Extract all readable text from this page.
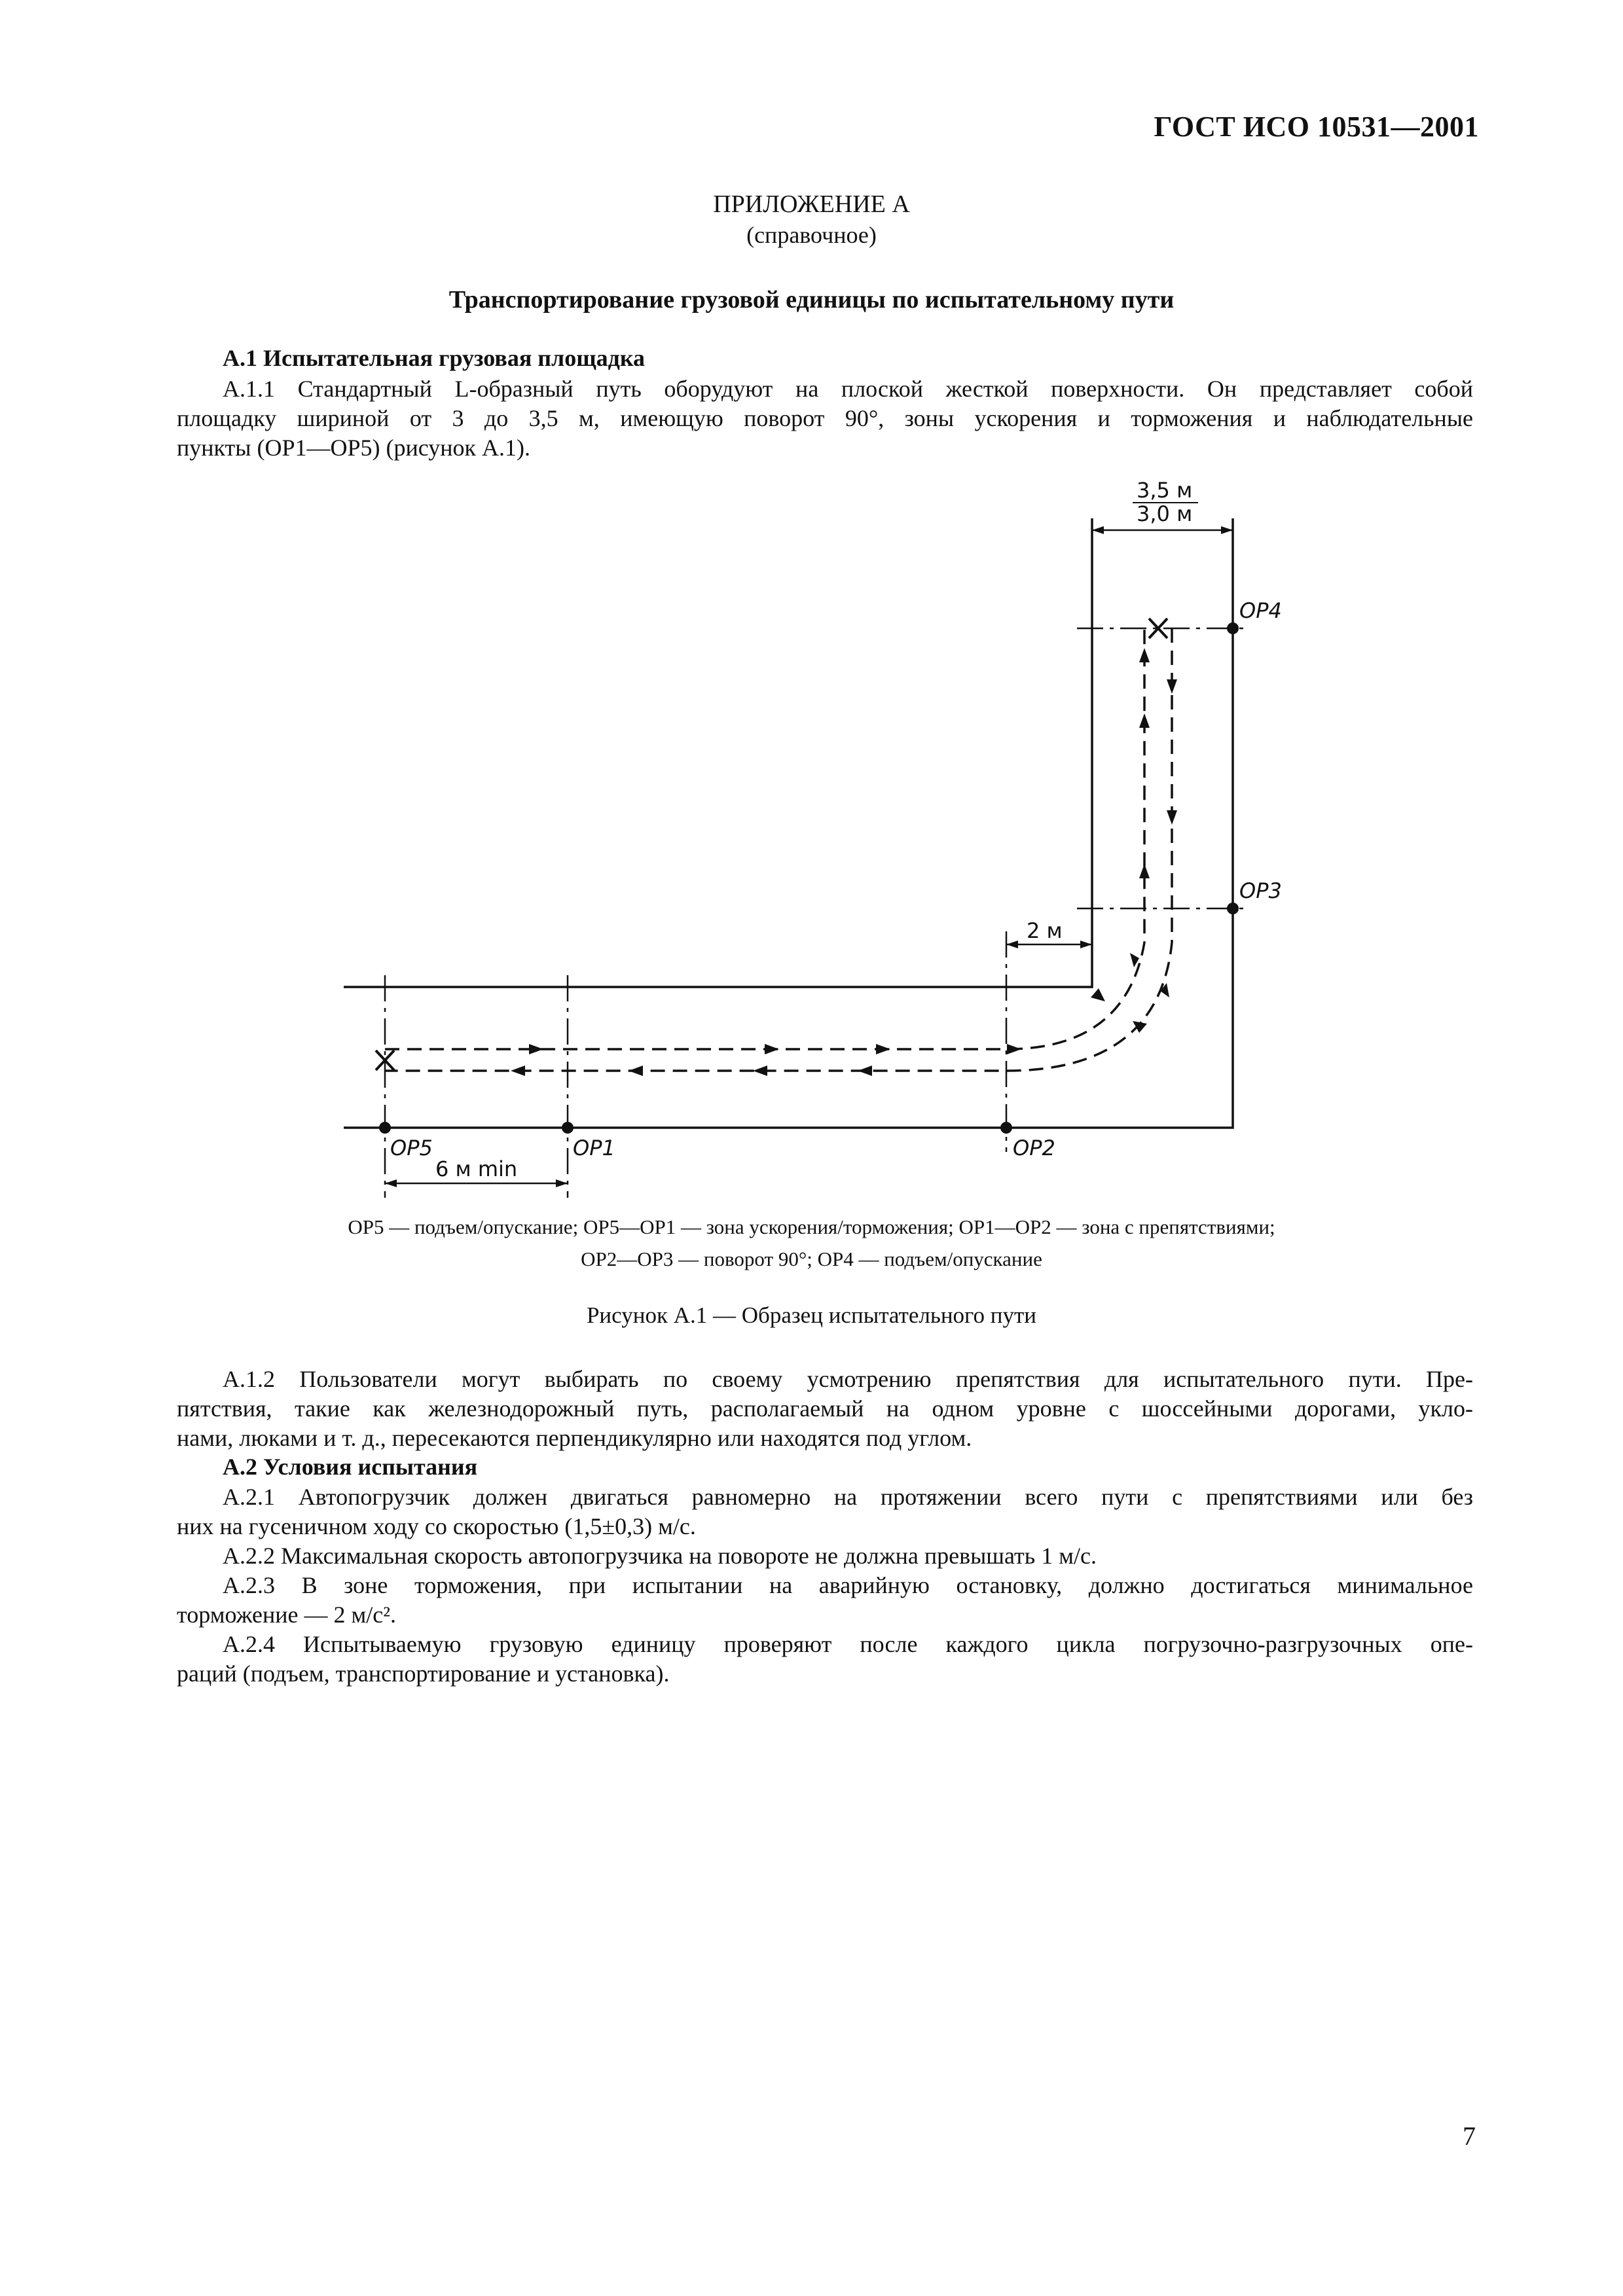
ГОСТ ИСО 10531—2001
ПРИЛОЖЕНИЕ А
(справочное)
Транспортирование грузовой единицы по испытательному пути
А.1 Испытательная грузовая площадка
А.1.1 Стандартный L-образный путь оборудуют на плоской жесткой поверхности. Он представляет собой
площадку шириной от 3 до 3,5 м, имеющую поворот 90°, зоны ускорения и торможения и наблюдательные
пункты (OP1—OP5) (рисунок А.1).
3,5 м
3,0 м
OP4
OP3
2 м
OP5	OP1	OP2
6 м min
OP5 — подъем/опускание; OP5—OP1 — зона ускорения/торможения; OP1—OP2 — зона с препятствиями;
OP2—OP3 — поворот 90°; OP4 — подъем/опускание
Рисунок А.1 — Образец испытательного пути
А.1.2 Пользователи могут выбирать по своему усмотрению препятствия для испытательного пути. Пре-
пятствия, такие как железнодорожный путь, располагаемый на одном уровне с шоссейными дорогами, укло-
нами, люками и т. д., пересекаются перпендикулярно или находятся под углом.
А.2 Условия испытания
А.2.1 Автопогрузчик должен двигаться равномерно на протяжении всего пути с препятствиями или без
них на гусеничном ходу со скоростью (1,5±0,3) м/с.
А.2.2 Максимальная скорость автопогрузчика на повороте не должна превышать 1 м/с.
А.2.3 В зоне торможения, при испытании на аварийную остановку, должно достигаться минимальное
торможение — 2 м/с².
А.2.4 Испытываемую грузовую единицу проверяют после каждого цикла погрузочно-разгрузочных опе-
раций (подъем, транспортирование и установка).
7
